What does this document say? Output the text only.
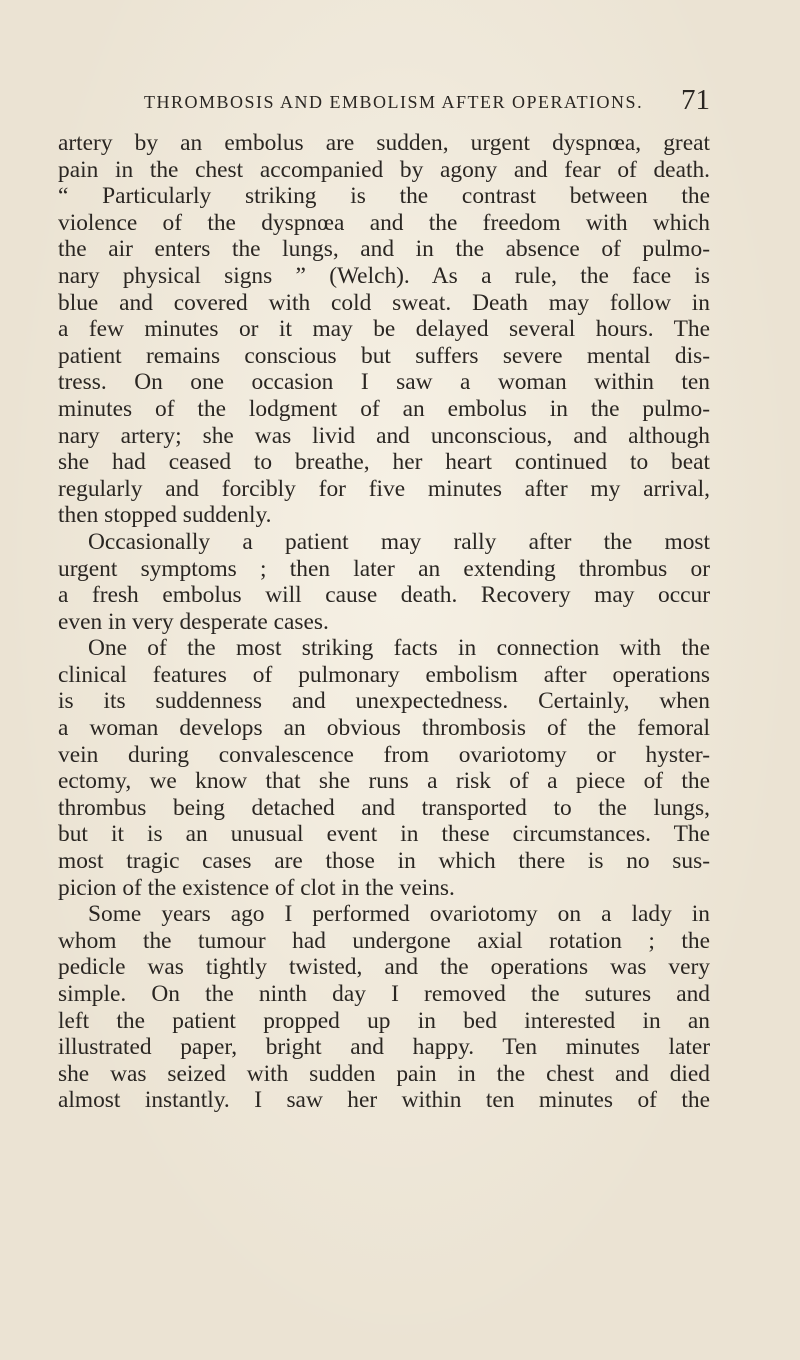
THROMBOSIS AND EMBOLISM AFTER OPERATIONS. 71
artery by an embolus are sudden, urgent dyspnœa, great
pain in the chest accompanied by agony and fear of death.
“ Particularly striking is the contrast between the
violence of the dyspnœa and the freedom with which
the air enters the lungs, and in the absence of pulmo-
nary physical signs ” (Welch). As a rule, the face is
blue and covered with cold sweat. Death may follow in
a few minutes or it may be delayed several hours. The
patient remains conscious but suffers severe mental dis-
tress. On one occasion I saw a woman within ten
minutes of the lodgment of an embolus in the pulmo-
nary artery; she was livid and unconscious, and although
she had ceased to breathe, her heart continued to beat
regularly and forcibly for five minutes after my arrival,
then stopped suddenly.
Occasionally a patient may rally after the most
urgent symptoms ; then later an extending thrombus or
a fresh embolus will cause death. Recovery may occur
even in very desperate cases.
One of the most striking facts in connection with the
clinical features of pulmonary embolism after operations
is its suddenness and unexpectedness. Certainly, when
a woman develops an obvious thrombosis of the femoral
vein during convalescence from ovariotomy or hyster-
ectomy, we know that she runs a risk of a piece of the
thrombus being detached and transported to the lungs,
but it is an unusual event in these circumstances. The
most tragic cases are those in which there is no sus-
picion of the existence of clot in the veins.
Some years ago I performed ovariotomy on a lady in
whom the tumour had undergone axial rotation ; the
pedicle was tightly twisted, and the operations was very
simple. On the ninth day I removed the sutures and
left the patient propped up in bed interested in an
illustrated paper, bright and happy. Ten minutes later
she was seized with sudden pain in the chest and died
almost instantly. I saw her within ten minutes of the
